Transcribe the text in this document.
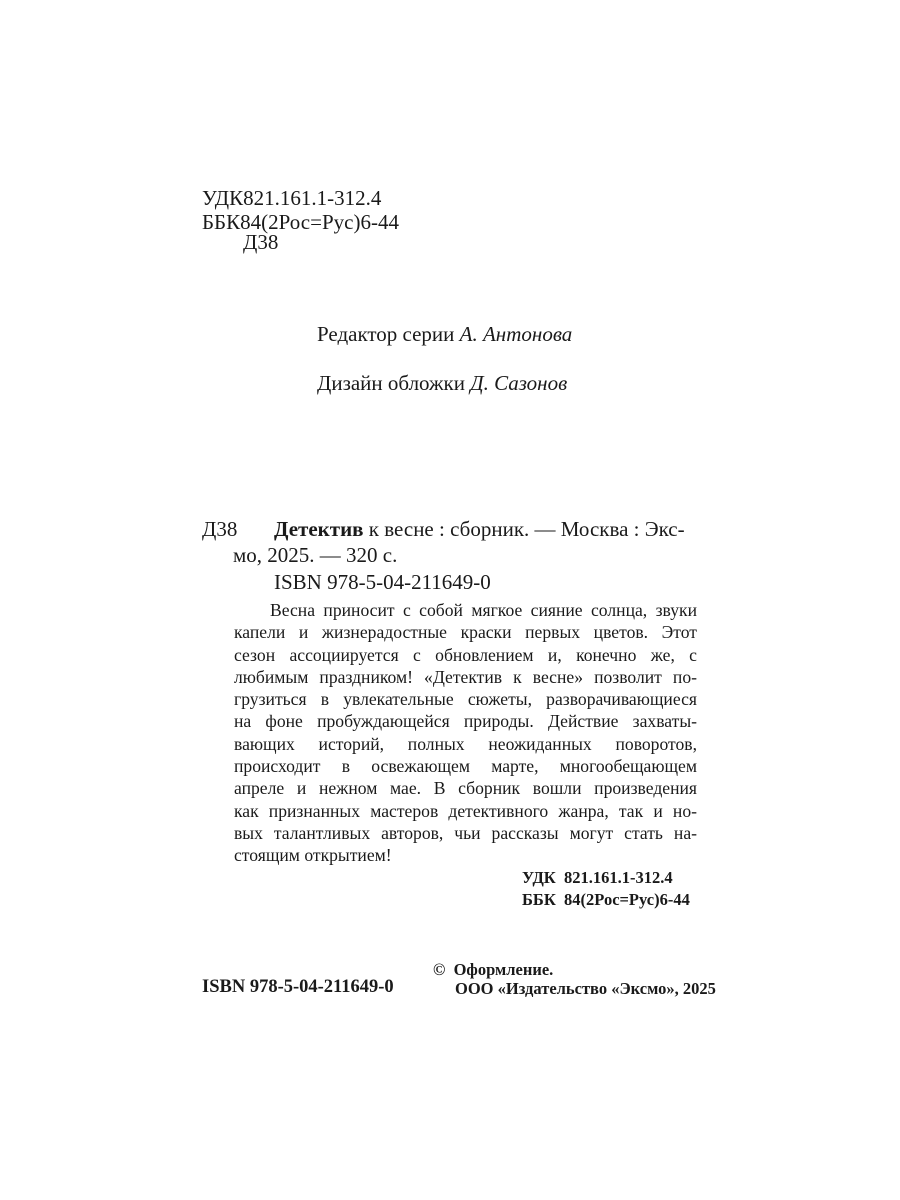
УДК821.161.1-312.4
ББК84(2Рос=Рус)6-44
Д38
Редактор серии А. Антонова
Дизайн обложки Д. Сазонов
Д38 Детектив к весне : сборник. — Москва : Экс-
мо, 2025. — 320 с.
ISBN 978-5-04-211649-0
Весна приносит с собой мягкое сияние солнца, звуки
капели и жизнерадостные краски первых цветов. Этот
сезон ассоциируется с обновлением и, конечно же, с
любимым праздником! «Детектив к весне» позволит по-
грузиться в увлекательные сюжеты, разворачивающиеся
на фоне пробуждающейся природы. Действие захваты-
вающих историй, полных неожиданных поворотов,
происходит в освежающем марте, многообещающем
апреле и нежном мае. В сборник вошли произведения
как признанных мастеров детективного жанра, так и но-
вых талантливых авторов, чьи рассказы могут стать на-
стоящим открытием!
УДК 821.161.1-312.4
ББК 84(2Рос=Рус)6-44
© Оформление.
ISBN 978-5-04-211649-0	ООО «Издательство «Эксмо», 2025
